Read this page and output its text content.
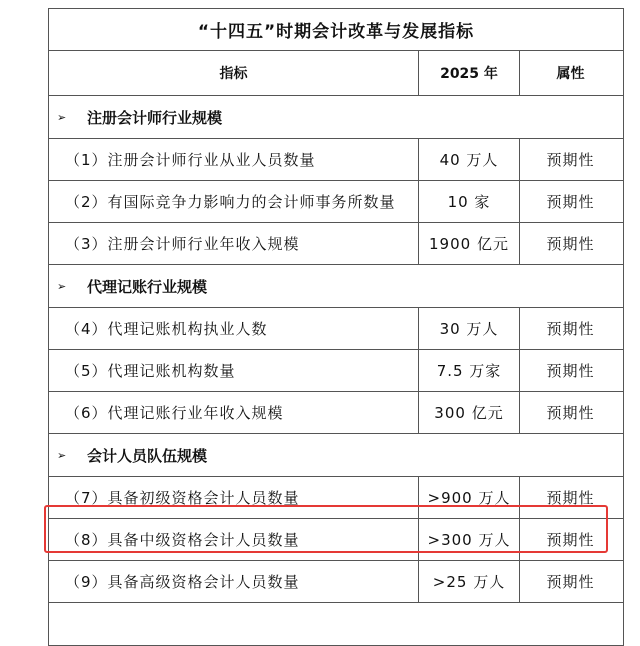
“十四五”时期会计改革与发展指标
指标	2025 年	属性
➢	注册会计师行业规模
（1）注册会计师行业从业人员数量	40 万人	预期性
（2）有国际竞争力影响力的会计师事务所数量	10 家	预期性
（3）注册会计师行业年收入规模	1900 亿元	预期性
➢	代理记账行业规模
（4）代理记账机构执业人数	30 万人	预期性
（5）代理记账机构数量	7.5 万家	预期性
（6）代理记账行业年收入规模	300 亿元	预期性
➢	会计人员队伍规模
（7）具备初级资格会计人员数量	>900 万人	预期性
（8）具备中级资格会计人员数量	>300 万人	预期性
（9）具备高级资格会计人员数量	>25 万人	预期性
